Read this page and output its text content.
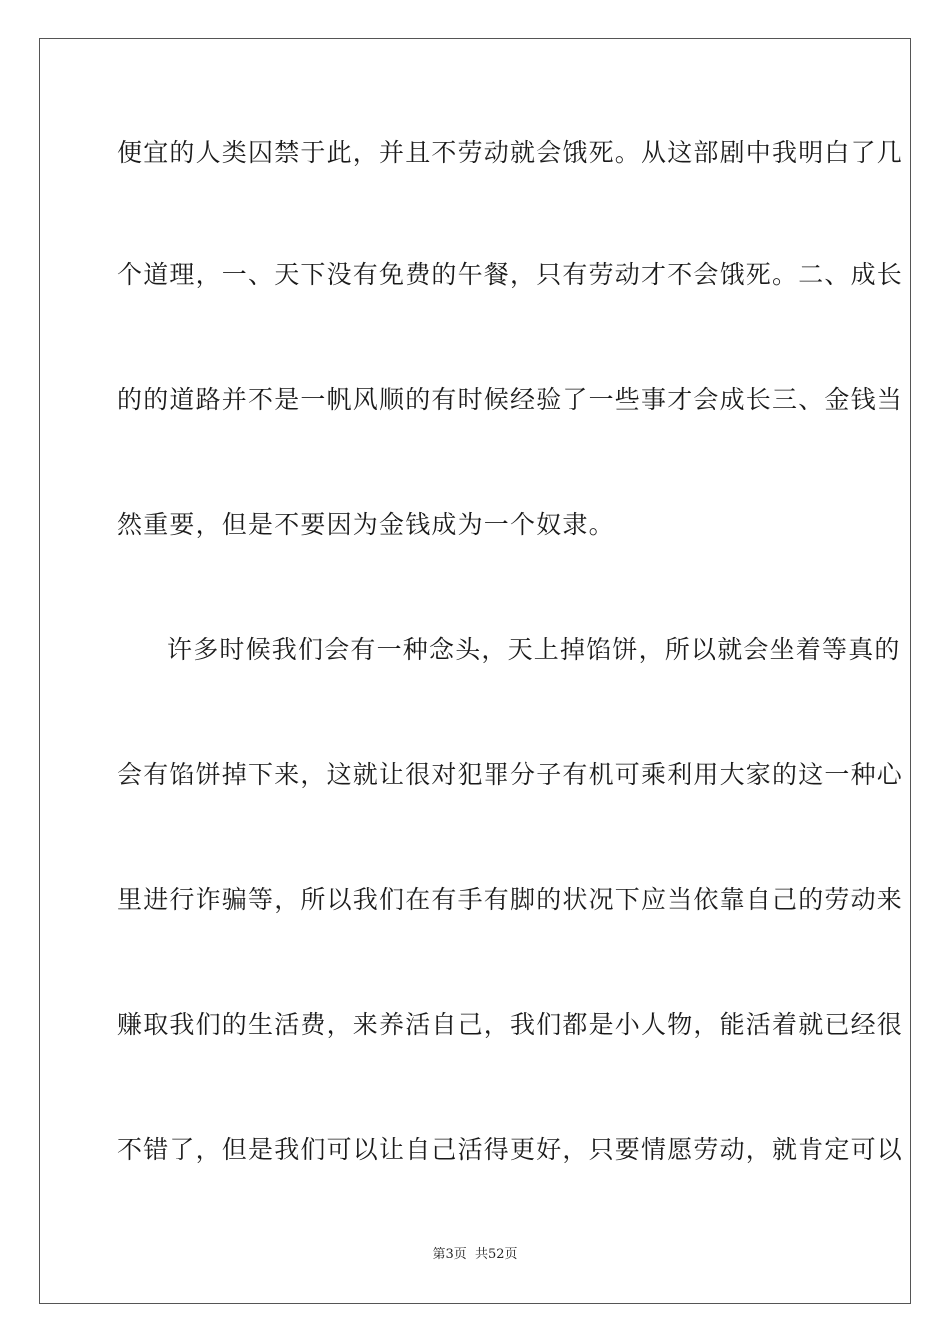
便宜的人类囚禁于此，并且不劳动就会饿死。从这部剧中我明白了几
个道理，一、天下没有免费的午餐，只有劳动才不会饿死。二、成长
的的道路并不是一帆风顺的有时候经验了一些事才会成长三、金钱当
然重要，但是不要因为金钱成为一个奴隶。
许多时候我们会有一种念头，天上掉馅饼，所以就会坐着等真的
会有馅饼掉下来，这就让很对犯罪分子有机可乘利用大家的这一种心
里进行诈骗等，所以我们在有手有脚的状况下应当依靠自己的劳动来
赚取我们的生活费，来养活自己，我们都是小人物，能活着就已经很
不错了，但是我们可以让自己活得更好，只要情愿劳动，就肯定可以
第3页 共52页
